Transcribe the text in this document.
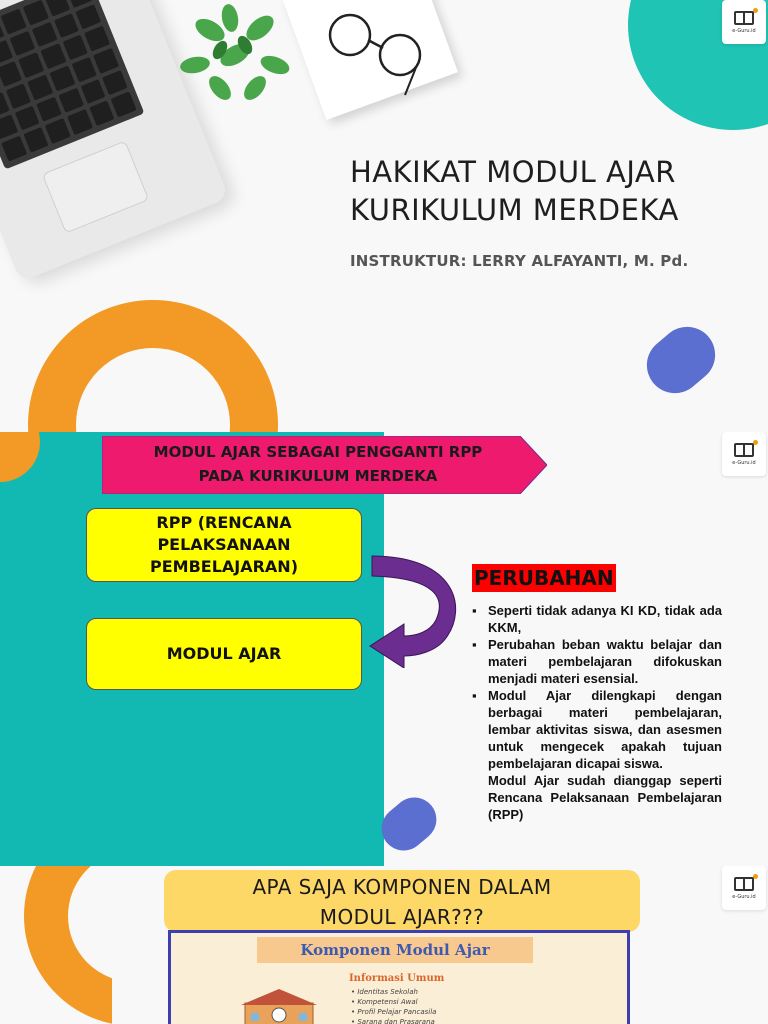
e-Guru.id
HAKIKAT MODUL AJAR
KURIKULUM MERDEKA
INSTRUKTUR: LERRY ALFAYANTI, M. Pd.
MODUL AJAR SEBAGAI PENGGANTI RPP
PADA KURIKULUM MERDEKA
RPP (RENCANA
PELAKSANAAN
PEMBELAJARAN)
MODUL AJAR
e-Guru.id
PERUBAHAN
▪ Seperti tidak adanya KI KD, tidak ada KKM,
▪ Perubahan beban waktu belajar dan materi pembelajaran difokuskan menjadi materi esensial.
▪ Modul Ajar dilengkapi dengan berbagai materi pembelajaran, lembar aktivitas siswa, dan asesmen untuk mengecek apakah tujuan pembelajaran dicapai siswa.
Modul Ajar sudah dianggap seperti Rencana Pelaksanaan Pembelajaran (RPP)
e-Guru.id
APA SAJA KOMPONEN DALAM
MODUL AJAR???
Komponen Modul Ajar
Informasi Umum
• Identitas Sekolah
• Kompetensi Awal
• Profil Pelajar Pancasila
• Sarana dan Prasarana
